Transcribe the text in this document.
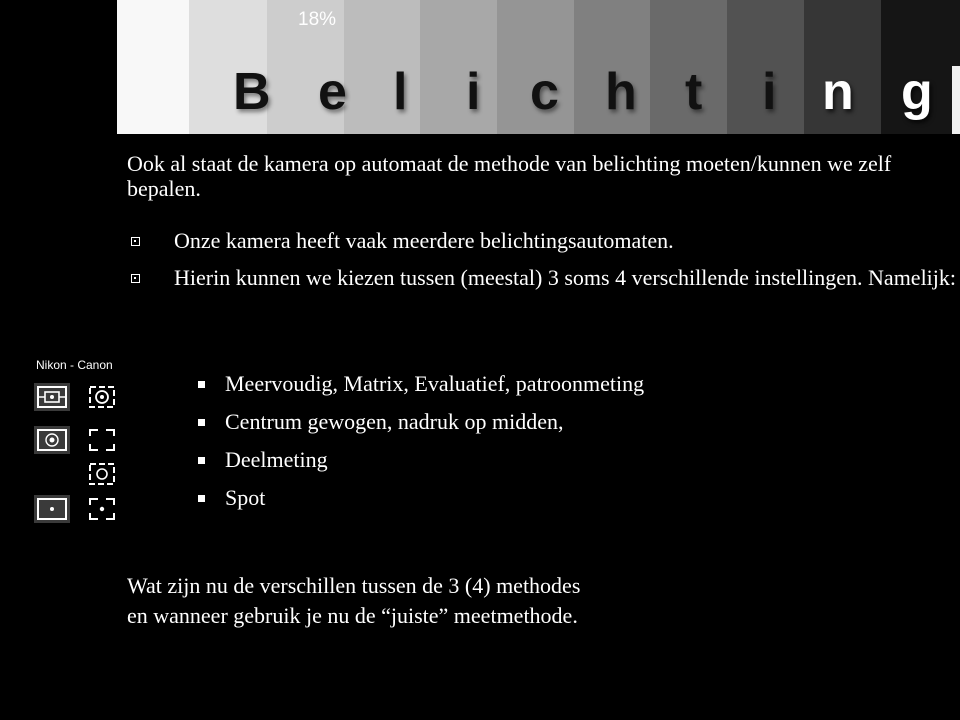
18%
B e l i c h t i n g
Ook al staat de kamera op automaat de methode van belichting moeten/kunnen we zelf bepalen.
Onze kamera heeft vaak meerdere belichtingsautomaten.
Hierin kunnen we kiezen tussen (meestal) 3 soms 4 verschillende instellingen. Namelijk:
Meervoudig, Matrix, Evaluatief, patroonmeting
Centrum gewogen, nadruk op midden,
Deelmeting
Spot
Wat zijn nu de verschillen tussen de 3 (4) methodes
en wanneer gebruik je nu de “juiste” meetmethode.
Nikon - Canon
